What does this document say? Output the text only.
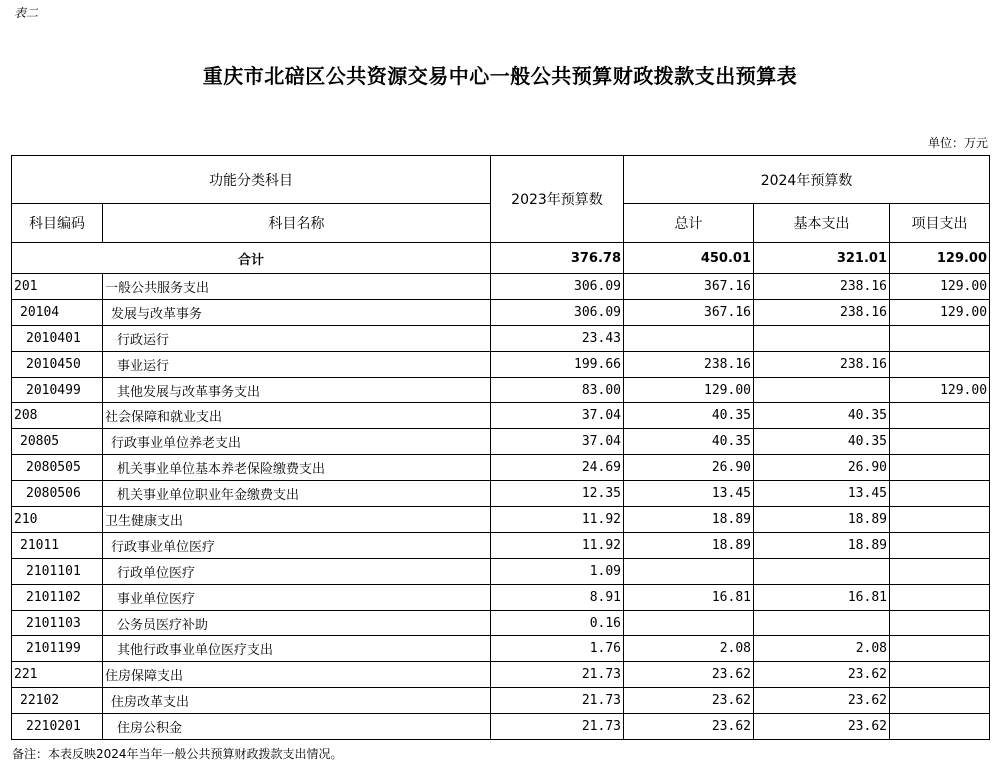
表二
重庆市北碚区公共资源交易中心一般公共预算财政拨款支出预算表
单位：万元
功能分类科目		2023年预算数	2024年预算数		
科目编码	科目名称		总计	基本支出	项目支出
合计		376.78	450.01	321.01	129.00
201	一般公共服务支出	306.09	367.16	238.16	129.00
20104	发展与改革事务	306.09	367.16	238.16	129.00
2010401	行政运行	23.43			
2010450	事业运行	199.66	238.16	238.16	
2010499	其他发展与改革事务支出	83.00	129.00		129.00
208	社会保障和就业支出	37.04	40.35	40.35	
20805	行政事业单位养老支出	37.04	40.35	40.35	
2080505	机关事业单位基本养老保险缴费支出	24.69	26.90	26.90	
2080506	机关事业单位职业年金缴费支出	12.35	13.45	13.45	
210	卫生健康支出	11.92	18.89	18.89	
21011	行政事业单位医疗	11.92	18.89	18.89	
2101101	行政单位医疗	1.09			
2101102	事业单位医疗	8.91	16.81	16.81	
2101103	公务员医疗补助	0.16			
2101199	其他行政事业单位医疗支出	1.76	2.08	2.08	
221	住房保障支出	21.73	23.62	23.62	
22102	住房改革支出	21.73	23.62	23.62	
2210201	住房公积金	21.73	23.62	23.62	
备注：本表反映2024年当年一般公共预算财政拨款支出情况。
